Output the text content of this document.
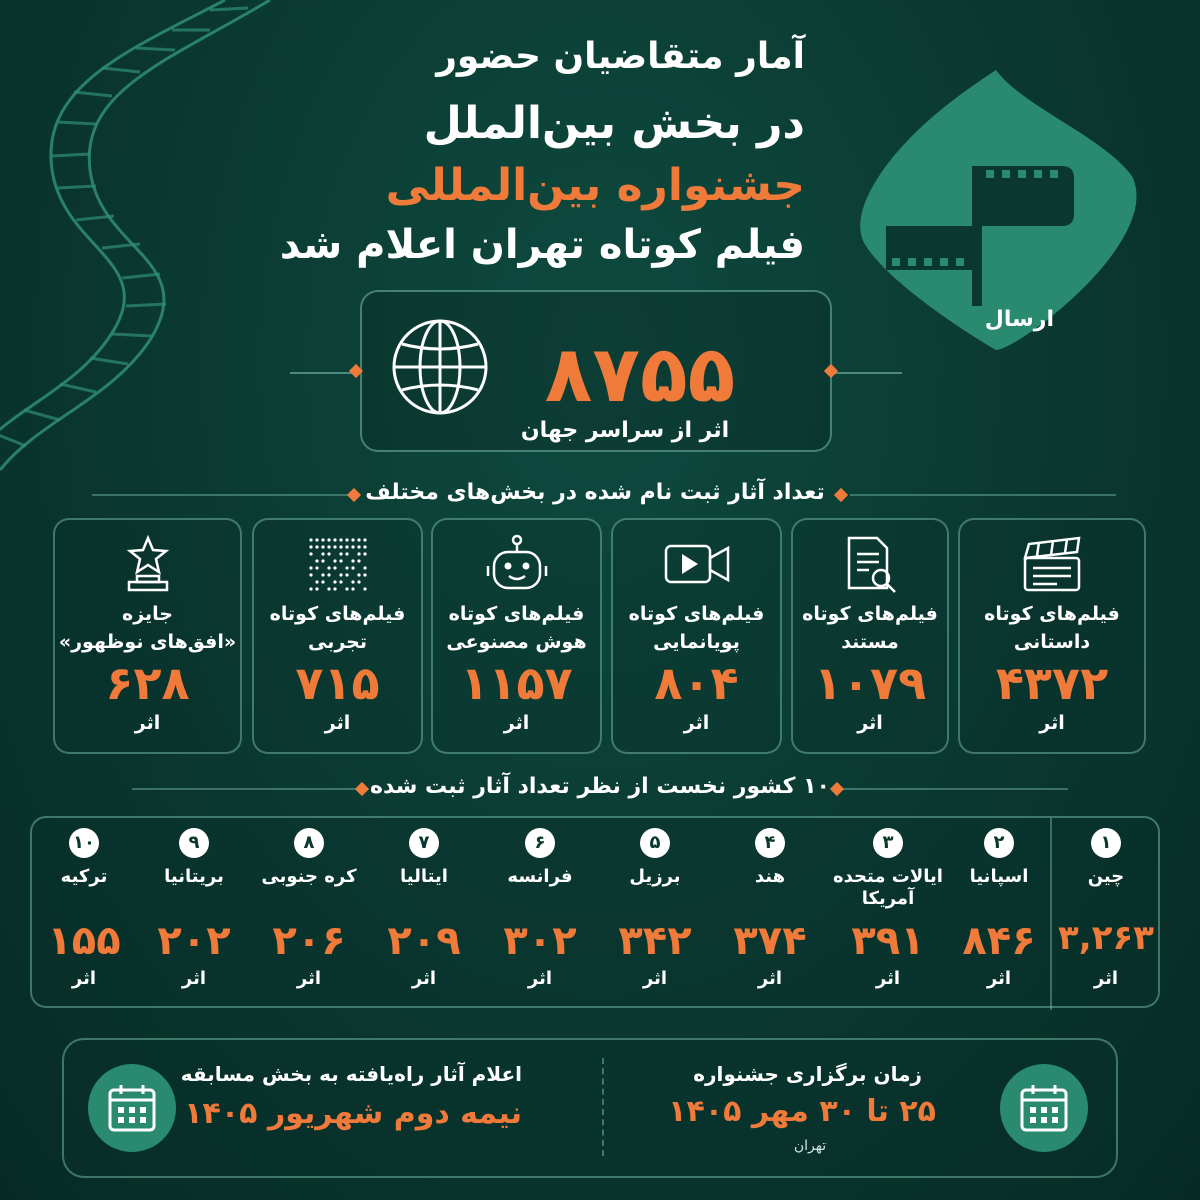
آمار متقاضیان حضور
در بخش بین‌الملل
جشنواره بین‌المللی
فیلم کوتاه تهران اعلام شد
ارسال
۸۷۵۵
اثر از سراسر جهان
تعداد آثار ثبت نام شده در بخش‌های مختلف
فیلم‌های کوتاه
داستانی
۴۳۷۲
اثر
فیلم‌های کوتاه
مستند
۱۰۷۹
اثر
فیلم‌های کوتاه
پویانمایی
۸۰۴
اثر
فیلم‌های کوتاه
هوش مصنوعی
۱۱۵۷
اثر
فیلم‌های کوتاه
تجربی
۷۱۵
اثر
جایزه
«افق‌های نوظهور»
۶۲۸
اثر
۱۰ کشور نخست از نظر تعداد آثار ثبت شده
۱
چین

۳,۲۶۳
اثر
۲
اسپانیا

۸۴۶
اثر
۳
ایالات متحده
آمریکا
۳۹۱
اثر
۴
هند

۳۷۴
اثر
۵
برزیل

۳۴۲
اثر
۶
فرانسه

۳۰۲
اثر
۷
ایتالیا

۲۰۹
اثر
۸
کره جنوبی

۲۰۶
اثر
۹
بریتانیا

۲۰۲
اثر
۱۰
ترکیه

۱۵۵
اثر
زمان برگزاری جشنواره
۲۵ تا ۳۰ مهر ۱۴۰۵
تهران
اعلام آثار راه‌یافته به بخش مسابقه
نیمه دوم شهریور ۱۴۰۵
